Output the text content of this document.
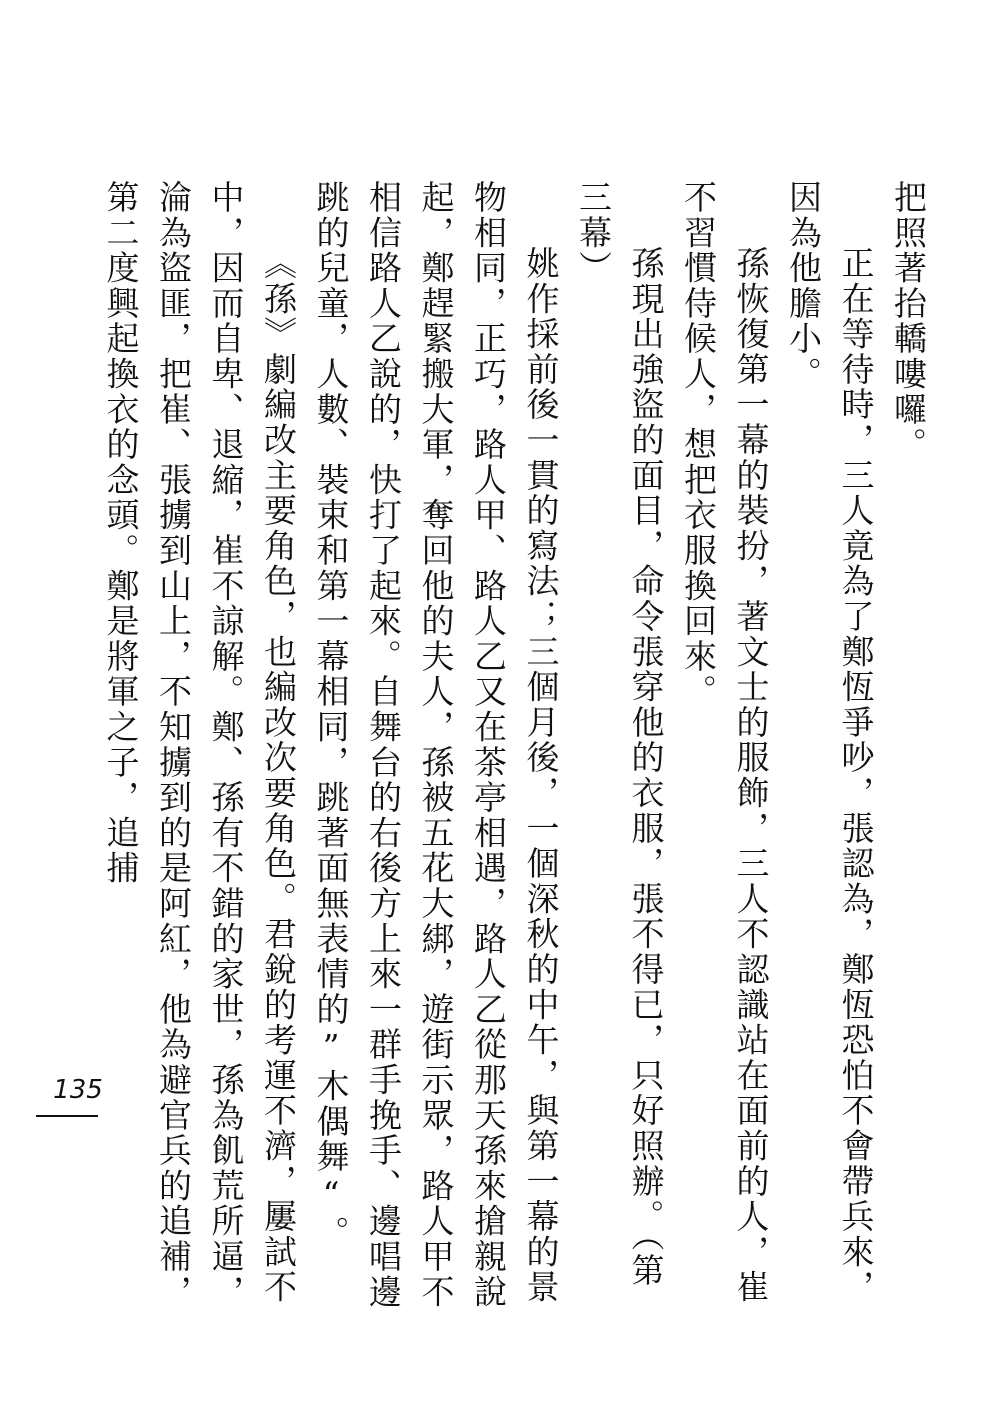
把照著抬轎嘍囉。

正在等待時，三人竟為了鄭恆爭吵，張認為，鄭恆恐怕不會帶兵來，因為他膽小。

孫恢復第一幕的裝扮，著文士的服飾，三人不認識站在面前的人，崔不習慣侍候人，想把衣服換回來。

孫現出強盜的面目，命令張穿他的衣服，張不得已，只好照辦。（第三幕）

姚作採前後一貫的寫法；三個月後，一個深秋的中午，與第一幕的景物相同，正巧，路人甲、路人乙又在茶亭相遇，路人乙從那天孫來搶親說起，鄭趕緊搬大軍，奪回他的夫人，孫被五花大綁，遊街示眾，路人甲不相信路人乙說的，快打了起來。自舞台的右後方上來一群手挽手、邊唱邊跳的兒童，人數、裝束和第一幕相同，跳著面無表情的”木偶舞“。

《孫》劇編改主要角色，也編改次要角色。君銳的考運不濟，屢試不中，因而自卑、退縮，崔不諒解。鄭、孫有不錯的家世，孫為飢荒所逼，淪為盜匪，把崔、張擄到山上，不知擄到的是阿紅，他為避官兵的追補，第二度興起換衣的念頭。鄭是將軍之子，追捕

135
